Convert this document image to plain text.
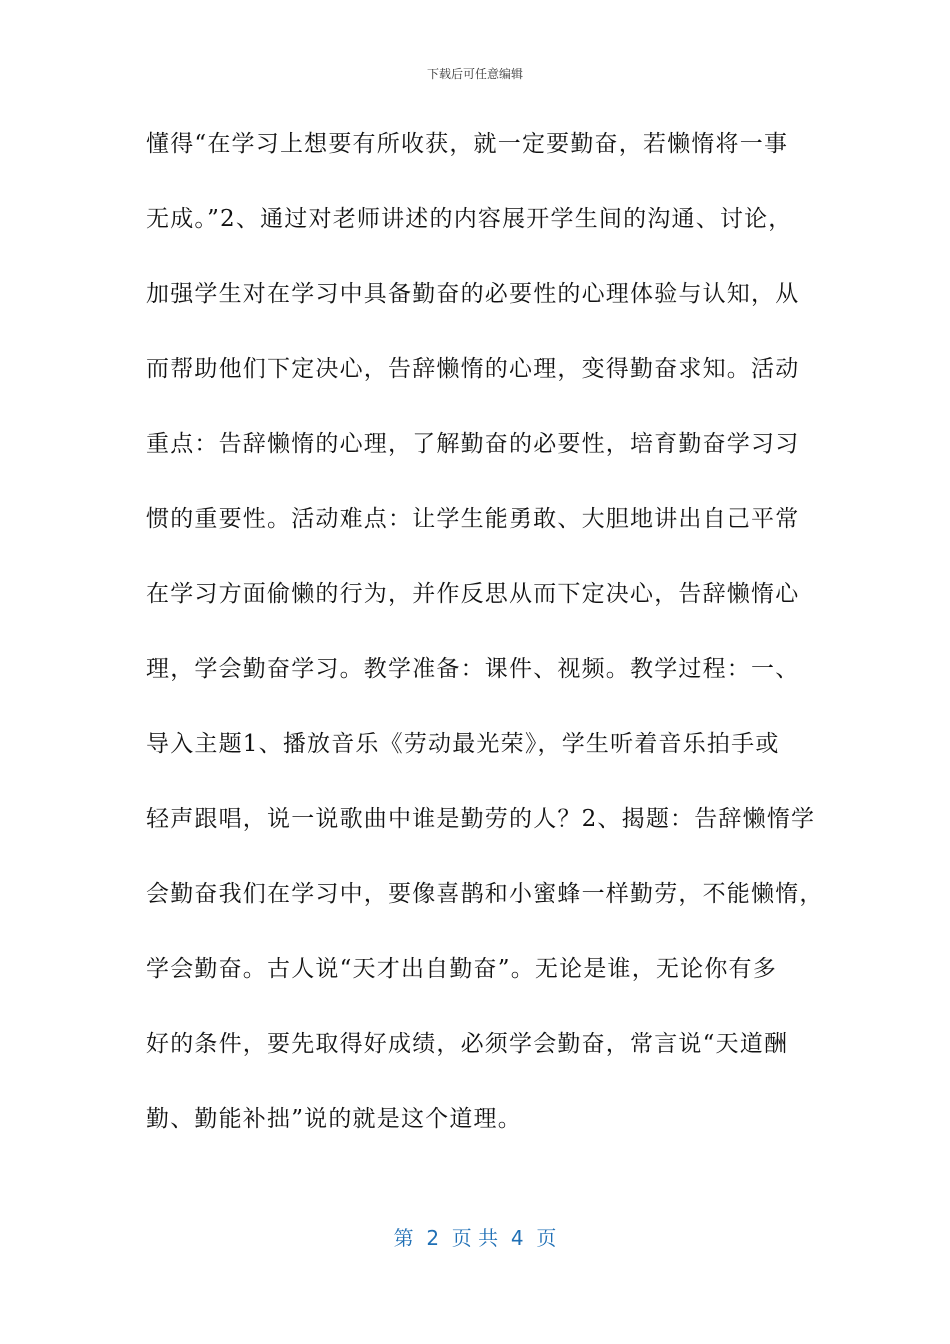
下载后可任意编辑
懂得“在学习上想要有所收获，就一定要勤奋，若懒惰将一事
无成。”2、通过对老师讲述的内容展开学生间的沟通、讨论，
加强学生对在学习中具备勤奋的必要性的心理体验与认知，从
而帮助他们下定决心，告辞懒惰的心理，变得勤奋求知。活动
重点：告辞懒惰的心理，了解勤奋的必要性，培育勤奋学习习
惯的重要性。活动难点：让学生能勇敢、大胆地讲出自己平常
在学习方面偷懒的行为，并作反思从而下定决心，告辞懒惰心
理，学会勤奋学习。教学准备：课件、视频。教学过程：一、
导入主题1、播放音乐《劳动最光荣》，学生听着音乐拍手或
轻声跟唱，说一说歌曲中谁是勤劳的人？2、揭题：告辞懒惰学
会勤奋我们在学习中，要像喜鹊和小蜜蜂一样勤劳，不能懒惰，
学会勤奋。古人说“天才出自勤奋”。无论是谁，无论你有多
好的条件，要先取得好成绩，必须学会勤奋，常言说“天道酬
勤、勤能补拙”说的就是这个道理。
第  2  页 共  4  页
